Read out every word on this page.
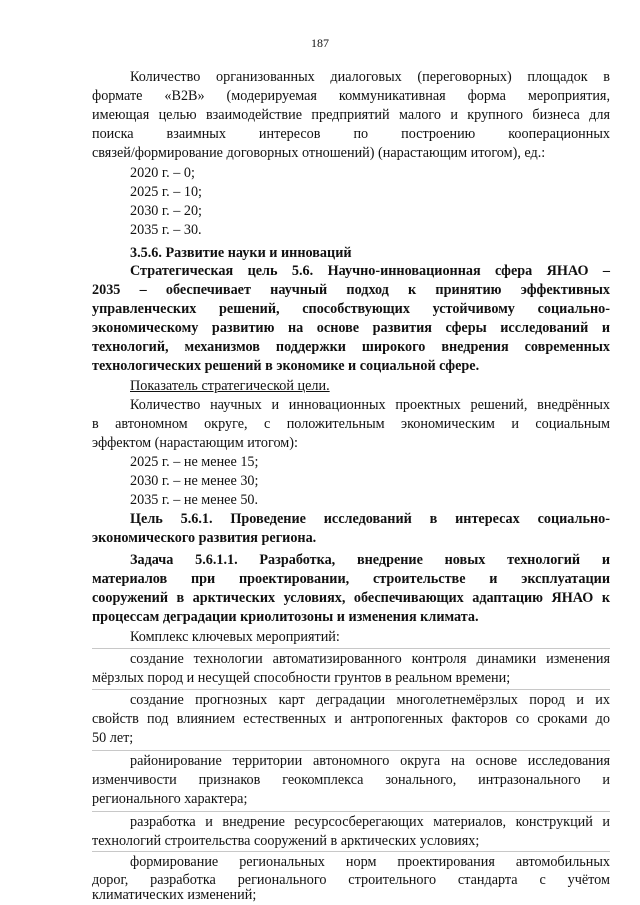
187
Количество организованных диалоговых (переговорных) площадок в
формате «B2B» (модерируемая коммуникативная форма мероприятия,
имеющая целью взаимодействие предприятий малого и крупного бизнеса для
поиска взаимных интересов по построению кооперационных
связей/формирование договорных отношений) (нарастающим итогом), ед.:
2020 г. – 0;
2025 г. – 10;
2030 г. – 20;
2035 г. – 30.
3.5.6. Развитие науки и инноваций
Стратегическая цель 5.6. Научно-инновационная сфера ЯНАО –
2035 – обеспечивает научный подход к принятию эффективных
управленческих решений, способствующих устойчивому социально-
экономическому развитию на основе развития сферы исследований и
технологий, механизмов поддержки широкого внедрения современных
технологических решений в экономике и социальной сфере.
Показатель стратегической цели.
Количество научных и инновационных проектных решений, внедрённых
в автономном округе, с положительным экономическим и социальным
эффектом (нарастающим итогом):
2025 г. – не менее 15;
2030 г. – не менее 30;
2035 г. – не менее 50.
Цель 5.6.1. Проведение исследований в интересах социально-
экономического развития региона.
Задача 5.6.1.1. Разработка, внедрение новых технологий и
материалов при проектировании, строительстве и эксплуатации
сооружений в арктических условиях, обеспечивающих адаптацию ЯНАО к
процессам деградации криолитозоны и изменения климата.
Комплекс ключевых мероприятий:
создание технологии автоматизированного контроля динамики изменения
мёрзлых пород и несущей способности грунтов в реальном времени;
создание прогнозных карт деградации многолетнемёрзлых пород и их
свойств под влиянием естественных и антропогенных факторов со сроками до
50 лет;
районирование территории автономного округа на основе исследования
изменчивости признаков геокомплекса зонального, интразонального и
регионального характера;
разработка и внедрение ресурсосберегающих материалов, конструкций и
технологий строительства сооружений в арктических условиях;
формирование региональных норм проектирования автомобильных
дорог, разработка регионального строительного стандарта с учётом
климатических изменений;
